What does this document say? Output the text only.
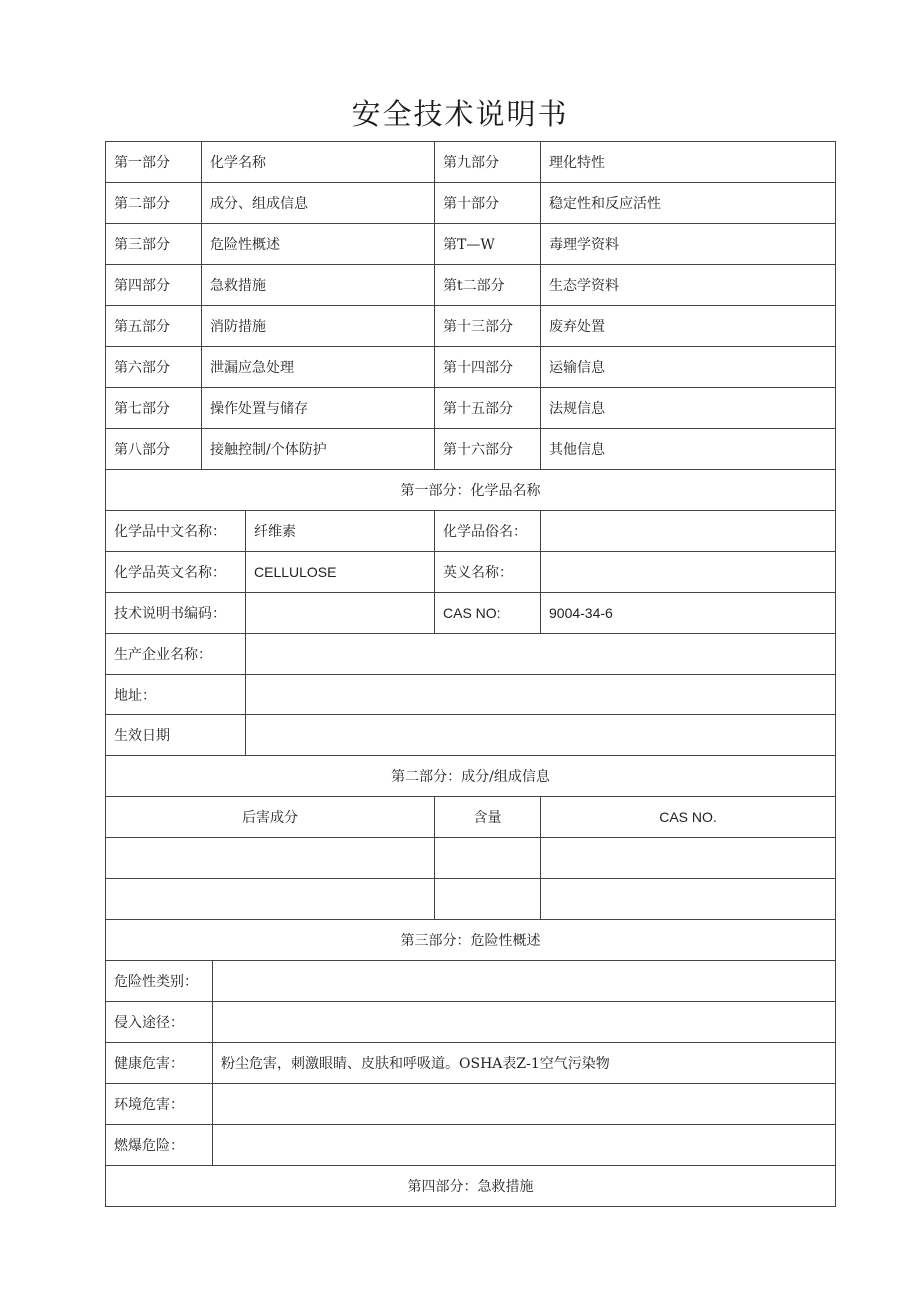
安全技术说明书
第一部分	化学名称	第九部分	理化特性
第二部分	成分、组成信息	第十部分	稳定性和反应活性
第三部分	危险性概述	第T—W	毒理学资料
第四部分	急救措施	第t二部分	生态学资料
第五部分	消防措施	第十三部分	废弃处置
第六部分	泄漏应急处理	第十四部分	运输信息
第七部分	操作处置与储存	第十五部分	法规信息
第八部分	接触控制/个体防护	第十六部分	其他信息
第一部分：化学品名称			
化学品中文名称：	纤维素	化学品俗名：	
化学品英文名称：	CELLULOSE	英义名称：	
技术说明书编码：		CAS NO:	9004-34-6
生产企业名称：			
地址：			
生效日期			
第二部分：成分/组成信息			
后害成分	含量	CAS NO.

第三部分：危险性概述		
危险性类别：	
侵入途径：	
健康危害：	粉尘危害，刺激眼睛、皮肤和呼吸道。OSHA表Z-1空气污染物
环境危害：	
燃爆危险：	
第四部分：急救措施	
